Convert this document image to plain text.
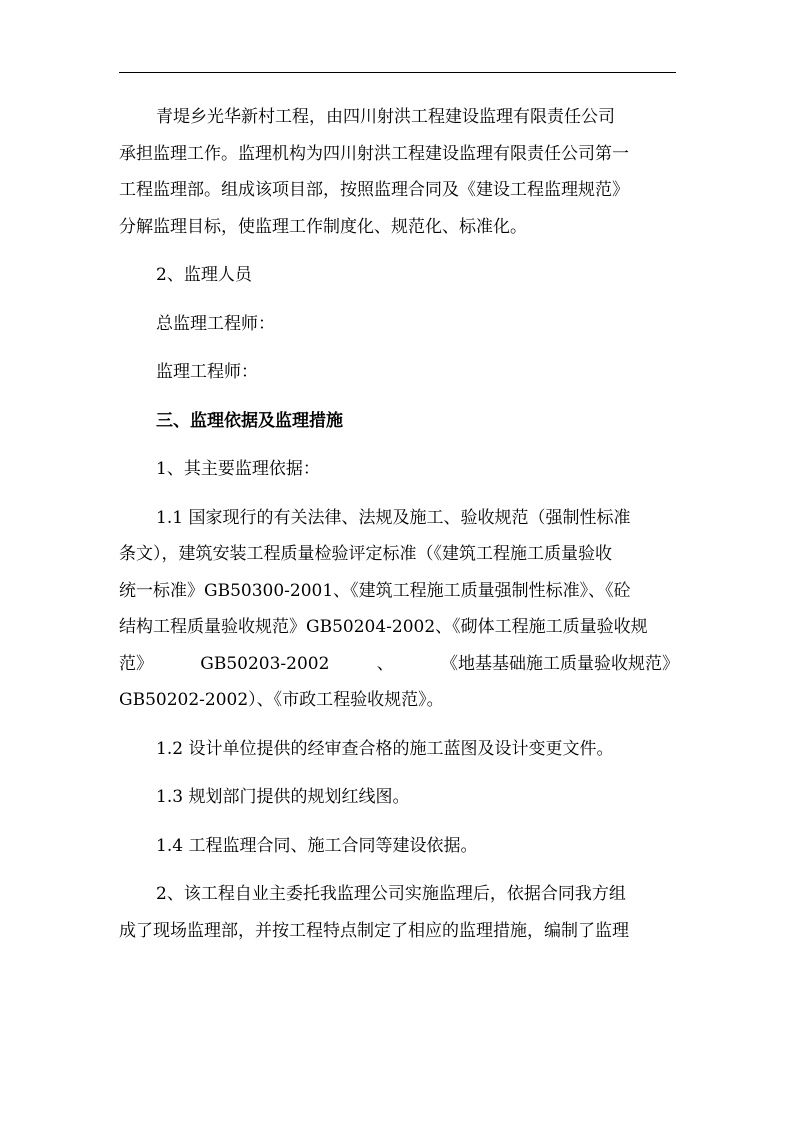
青堤乡光华新村工程，由四川射洪工程建设监理有限责任公司
承担监理工作。监理机构为四川射洪工程建设监理有限责任公司第一
工程监理部。组成该项目部，按照监理合同及《建设工程监理规范》
分解监理目标，使监理工作制度化、规范化、标准化。

2、监理人员

总监理工程师：

监理工程师：

三、监理依据及监理措施

1、其主要监理依据：

1.1 国家现行的有关法律、法规及施工、验收规范（强制性标准
条文），建筑安装工程质量检验评定标准（《建筑工程施工质量验收
统一标准》GB50300-2001、《建筑工程施工质量强制性标准》、《砼
结构工程质量验收规范》GB50204-2002、《砌体工程施工质量验收规
范》	GB50203-2002	、	《地基基础施工质量验收规范》
GB50202-2002）、《市政工程验收规范》。

1.2 设计单位提供的经审查合格的施工蓝图及设计变更文件。

1.3 规划部门提供的规划红线图。

1.4 工程监理合同、施工合同等建设依据。

2、该工程自业主委托我监理公司实施监理后，依据合同我方组
成了现场监理部，并按工程特点制定了相应的监理措施，编制了监理
